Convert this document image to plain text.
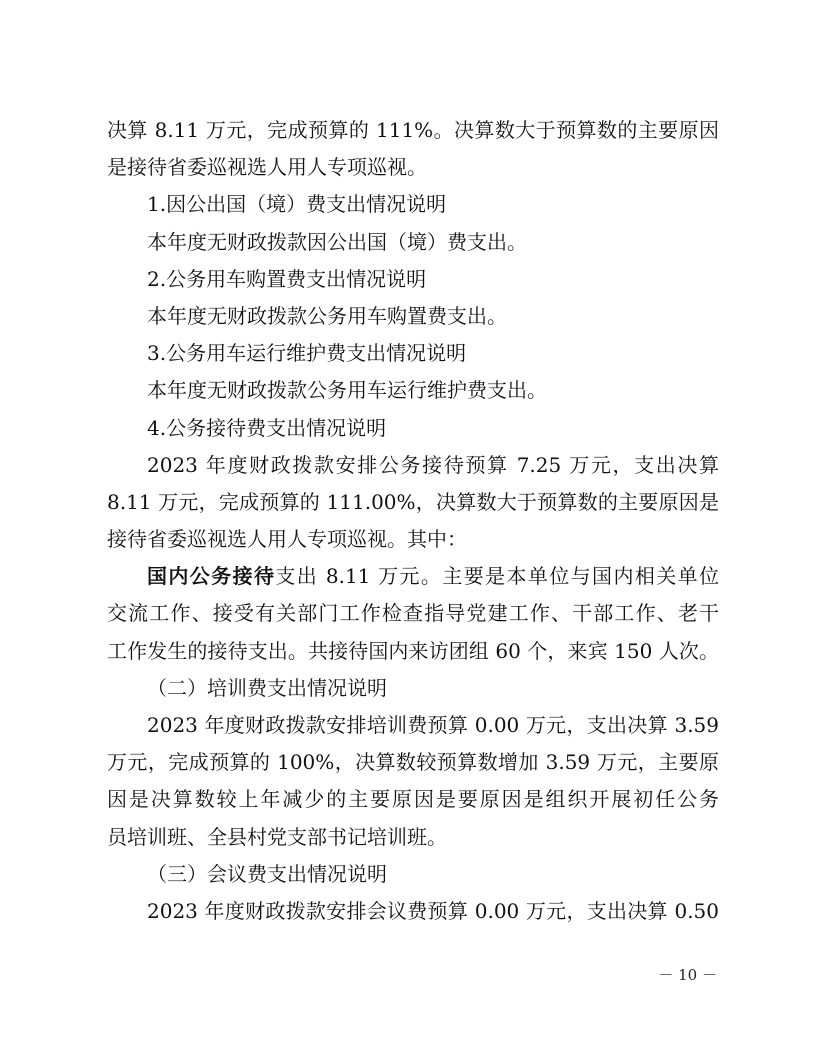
决算 8.11 万元，完成预算的 111%。决算数大于预算数的主要原因
是接待省委巡视选人用人专项巡视。
1.因公出国（境）费支出情况说明
本年度无财政拨款因公出国（境）费支出。
2.公务用车购置费支出情况说明
本年度无财政拨款公务用车购置费支出。
3.公务用车运行维护费支出情况说明
本年度无财政拨款公务用车运行维护费支出。
4.公务接待费支出情况说明
2023 年度财政拨款安排公务接待预算 7.25 万元，支出决算
8.11 万元，完成预算的 111.00%，决算数大于预算数的主要原因是
接待省委巡视选人用人专项巡视。其中：
国内公务接待支出 8.11 万元。主要是本单位与国内相关单位
交流工作、接受有关部门工作检查指导党建工作、干部工作、老干
工作发生的接待支出。共接待国内来访团组 60 个，来宾 150 人次。
（二）培训费支出情况说明
2023 年度财政拨款安排培训费预算 0.00 万元，支出决算 3.59
万元，完成预算的 100%，决算数较预算数增加 3.59 万元，主要原
因是决算数较上年减少的主要原因是要原因是组织开展初任公务
员培训班、全县村党支部书记培训班。
（三）会议费支出情况说明
2023 年度财政拨款安排会议费预算 0.00 万元，支出决算 0.50
－ 10 －
